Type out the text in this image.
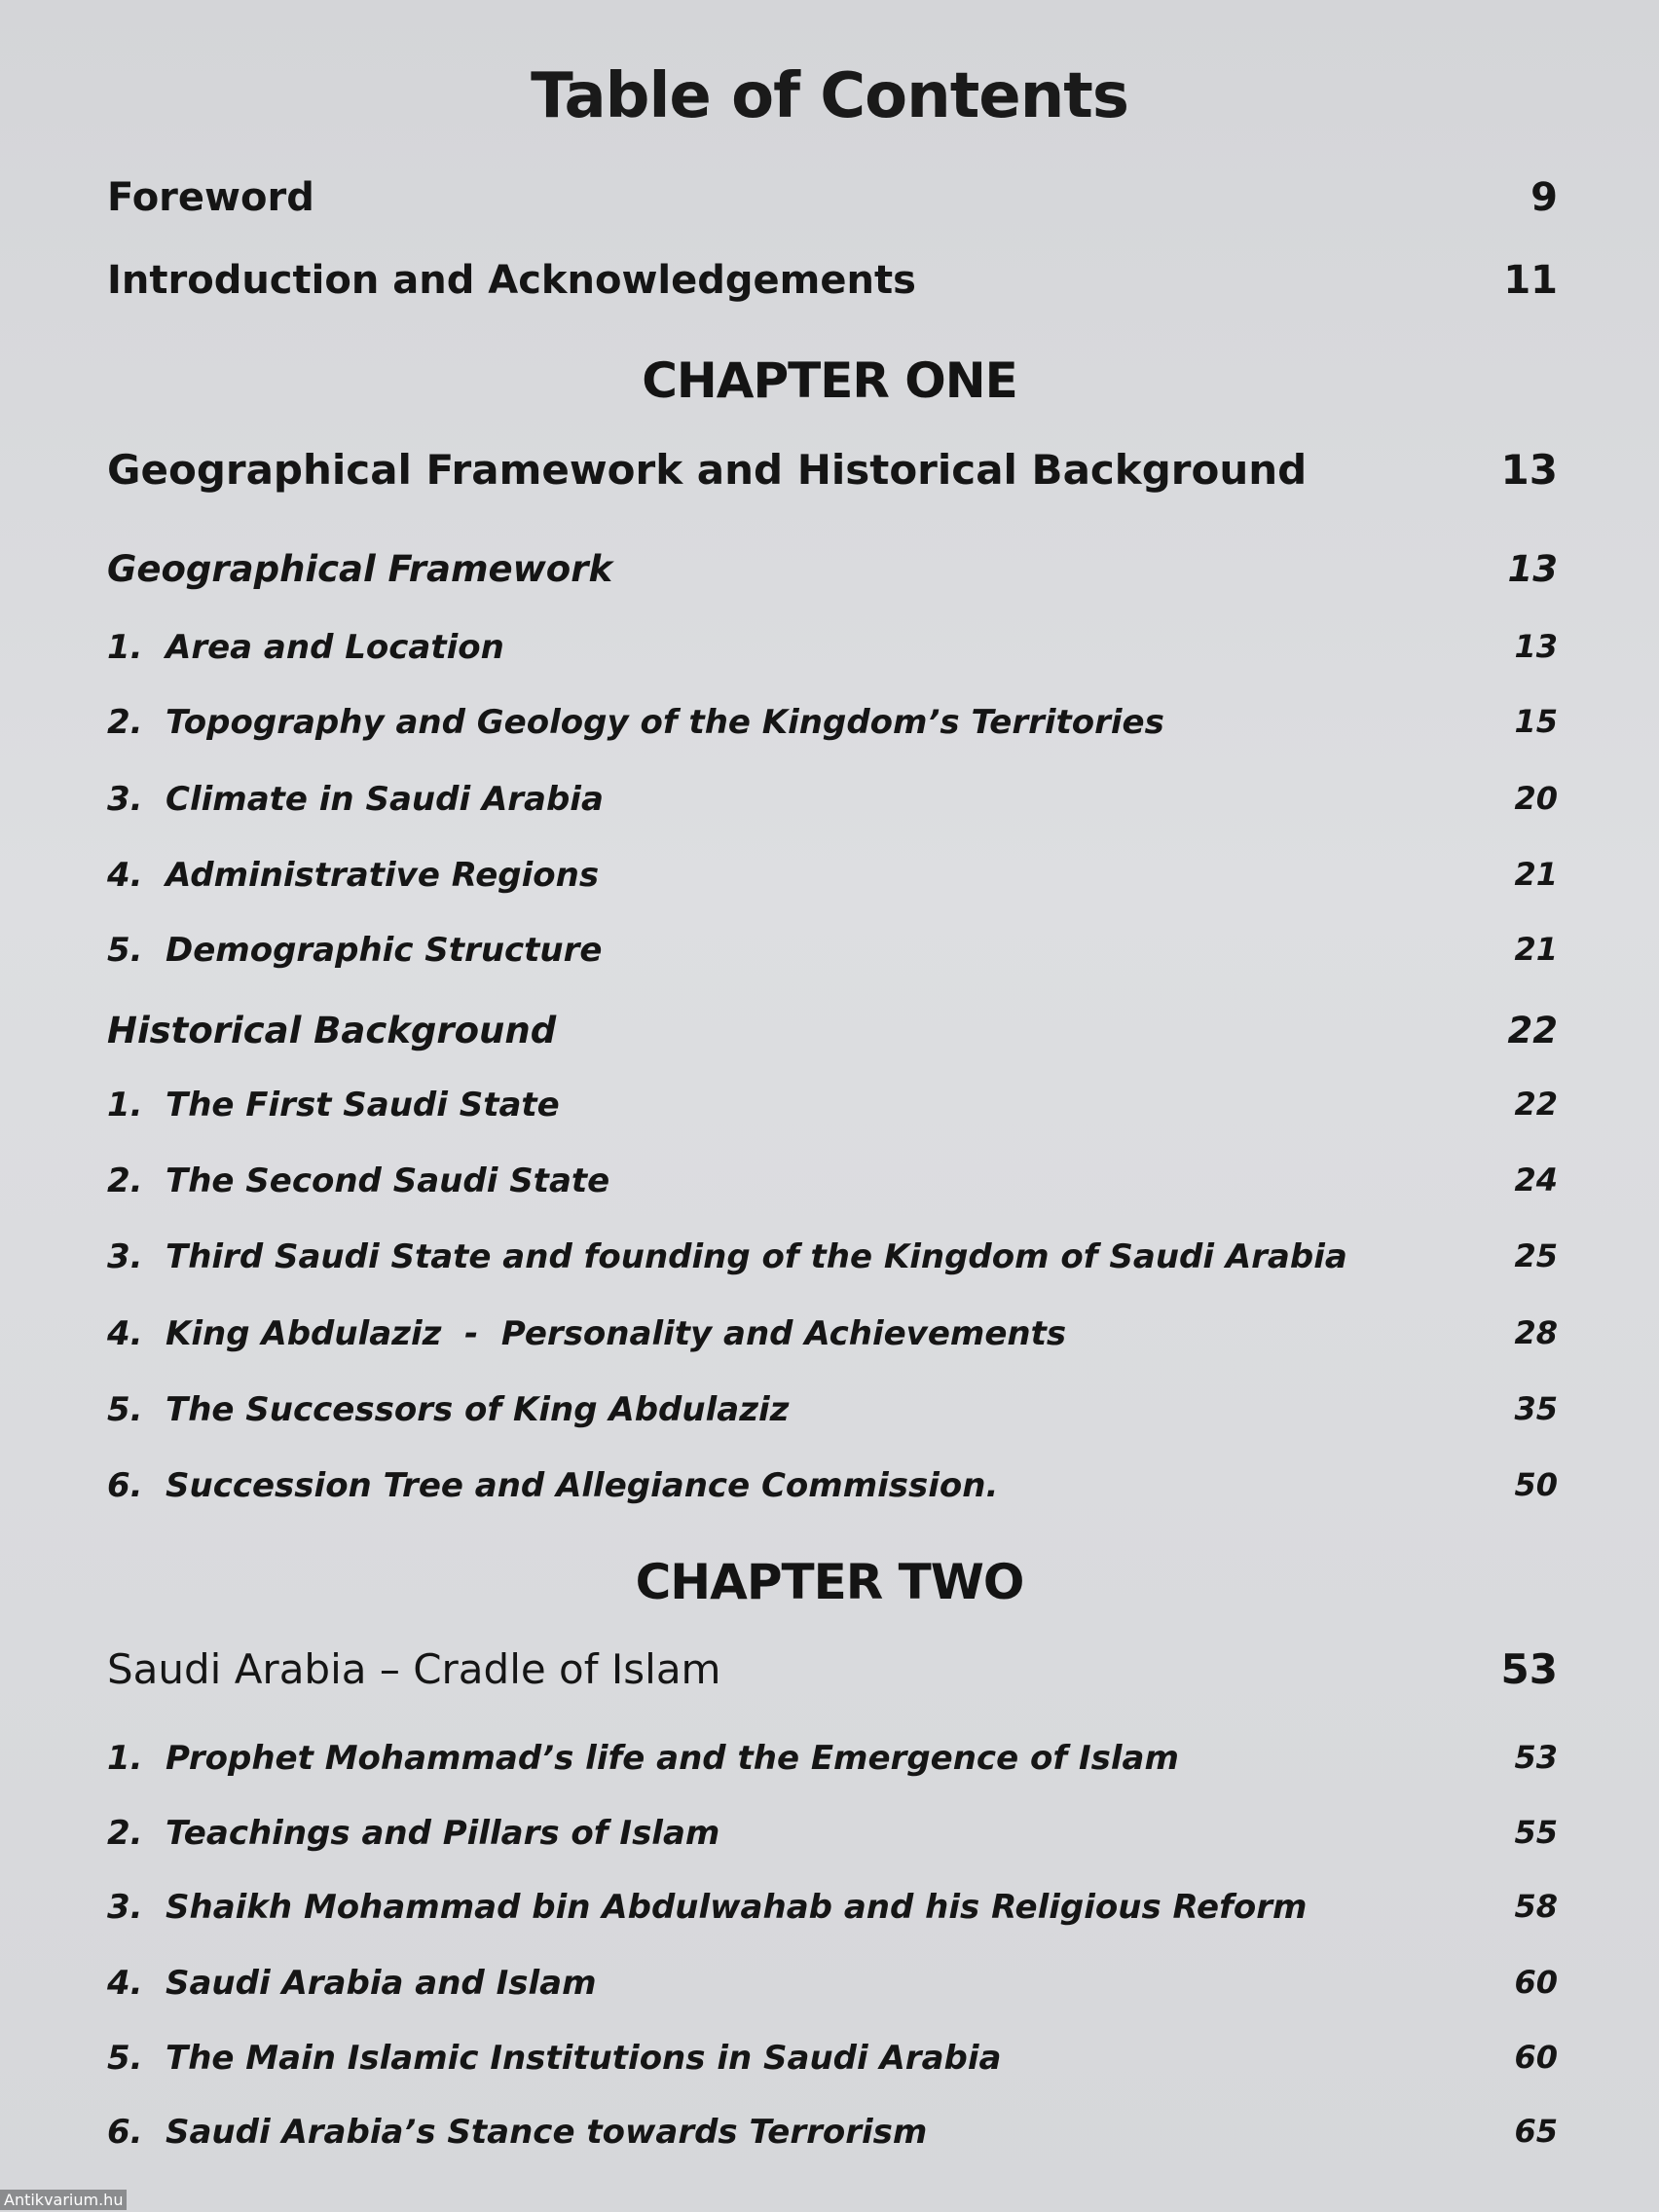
Table of Contents
Foreword	9
Introduction and Acknowledgements	11
CHAPTER ONE
Geographical Framework and Historical Background	13
Geographical Framework	13
1. Area and Location	13
2. Topography and Geology of the Kingdom’s Territories	15
3. Climate in Saudi Arabia	20
4. Administrative Regions	21
5. Demographic Structure	21
Historical Background	22
1. The First Saudi State	22
2. The Second Saudi State	24
3. Third Saudi State and founding of the Kingdom of Saudi Arabia	25
4. King Abdulaziz  -  Personality and Achievements	28
5. The Successors of King Abdulaziz	35
6. Succession Tree and Allegiance Commission.	50
CHAPTER TWO
Saudi Arabia – Cradle of Islam	53
1. Prophet Mohammad’s life and the Emergence of Islam	53
2. Teachings and Pillars of Islam	55
3. Shaikh Mohammad bin Abdulwahab and his Religious Reform	58
4. Saudi Arabia and Islam	60
5. The Main Islamic Institutions in Saudi Arabia	60
6. Saudi Arabia’s Stance towards Terrorism	65
Antikvarium.hu
